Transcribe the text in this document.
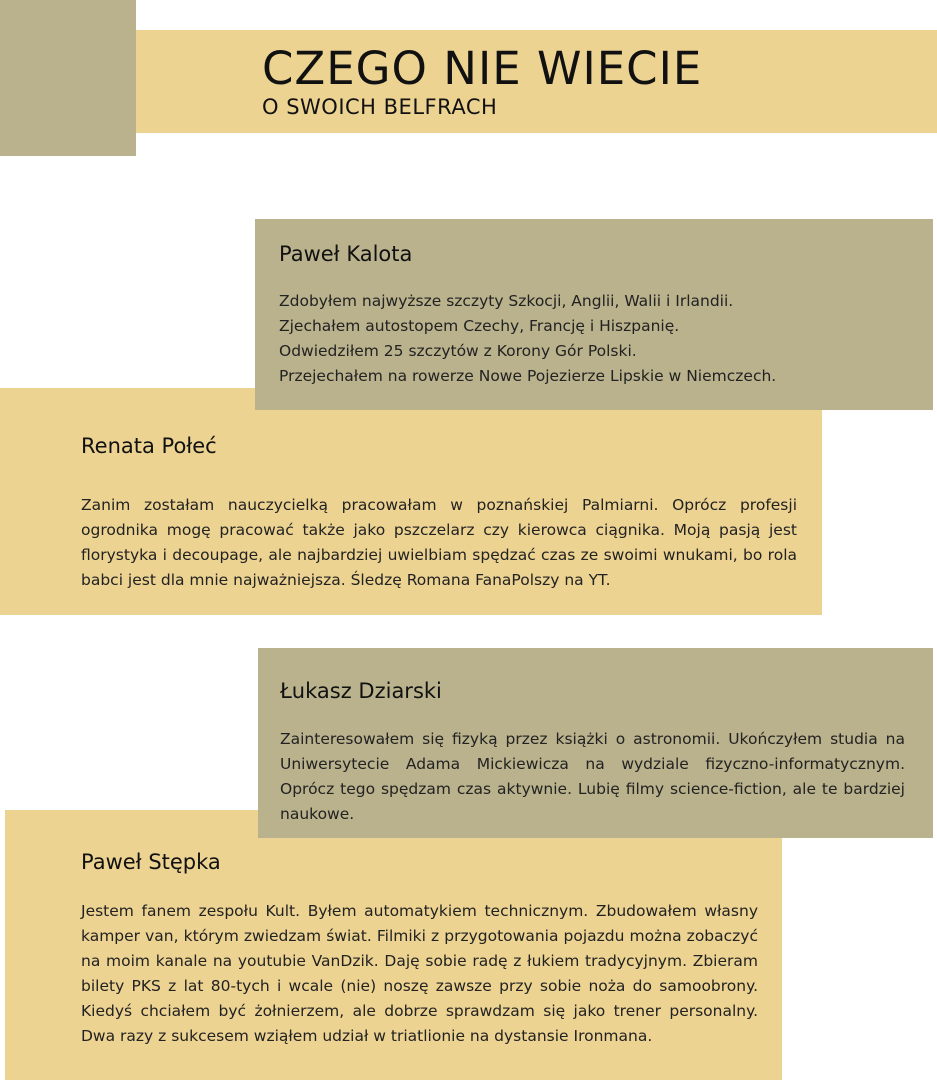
CZEGO NIE WIECIE
O SWOICH BELFRACH
Paweł Kalota
Zdobyłem najwyższe szczyty Szkocji, Anglii, Walii i Irlandii.
Zjechałem autostopem Czechy, Francję i Hiszpanię.
Odwiedziłem 25 szczytów z Korony Gór Polski.
Przejechałem na rowerze Nowe Pojezierze Lipskie w Niemczech.
Renata Połeć
Zanim zostałam nauczycielką pracowałam w poznańskiej Palmiarni. Oprócz profesji ogrodnika mogę pracować także jako pszczelarz czy kierowca ciągnika. Moją pasją jest florystyka i decoupage, ale najbardziej uwielbiam spędzać czas ze swoimi wnukami, bo rola babci jest dla mnie najważniejsza. Śledzę Romana FanaPolszy na YT.
Łukasz Dziarski
Zainteresowałem się fizyką przez książki o astronomii. Ukończyłem studia na Uniwersytecie Adama Mickiewicza na wydziale fizyczno-informatycznym. Oprócz tego spędzam czas aktywnie. Lubię filmy science-fiction, ale te bardziej naukowe.
Paweł Stępka
Jestem fanem zespołu Kult. Byłem automatykiem technicznym. Zbudowałem własny kamper van, którym zwiedzam świat. Filmiki z przygotowania pojazdu można zobaczyć na moim kanale na youtubie VanDzik. Daję sobie radę z łukiem tradycyjnym. Zbieram bilety PKS z lat 80-tych i wcale (nie) noszę zawsze przy sobie noża do samoobrony. Kiedyś chciałem być żołnierzem, ale dobrze sprawdzam się jako trener personalny. Dwa razy z sukcesem wziąłem udział w triatlionie na dystansie Ironmana.
